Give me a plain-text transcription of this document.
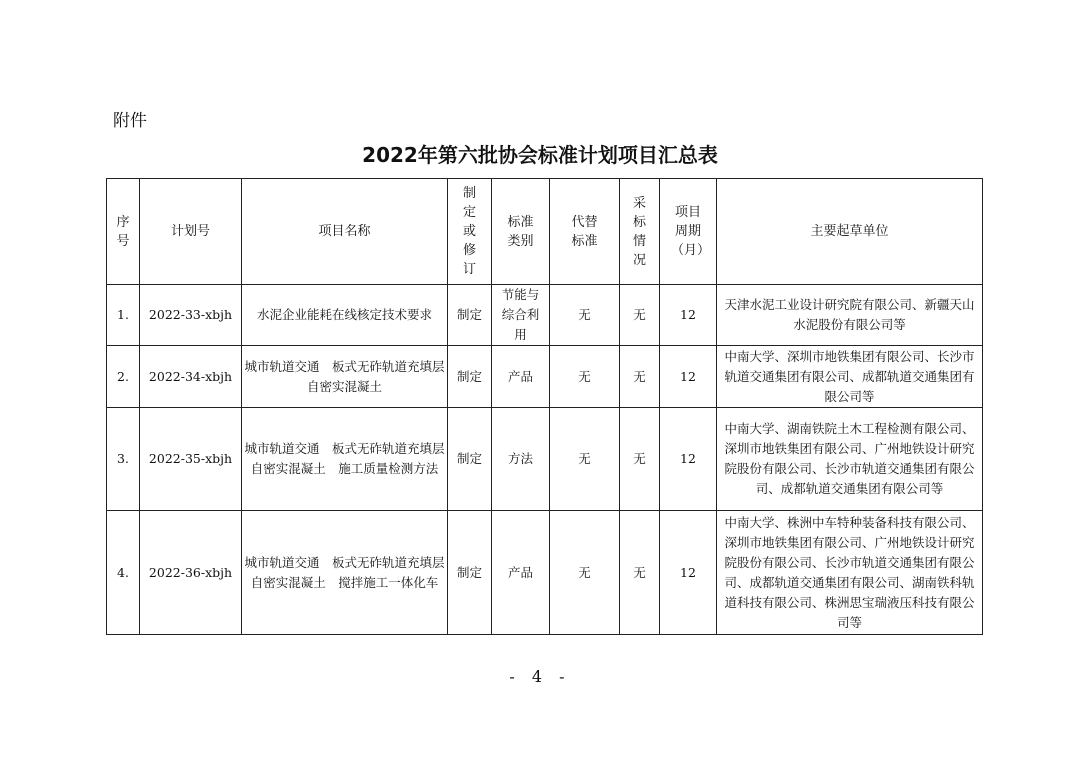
附件
2022年第六批协会标准计划项目汇总表
序号	计划号	项目名称	制定或修订	标准类别	代替标准	采标情况	项目周期（月）	主要起草单位
1.	2022-33-xbjh	水泥企业能耗在线核定技术要求	制定	节能与综合利用	无	无	12	天津水泥工业设计研究院有限公司、新疆天山水泥股份有限公司等
2.	2022-34-xbjh	城市轨道交通　板式无砟轨道充填层自密实混凝土	制定	产品	无	无	12	中南大学、深圳市地铁集团有限公司、长沙市轨道交通集团有限公司、成都轨道交通集团有限公司等
3.	2022-35-xbjh	城市轨道交通　板式无砟轨道充填层自密实混凝土　施工质量检测方法	制定	方法	无	无	12	中南大学、湖南铁院土木工程检测有限公司、深圳市地铁集团有限公司、广州地铁设计研究院股份有限公司、长沙市轨道交通集团有限公司、成都轨道交通集团有限公司等
4.	2022-36-xbjh	城市轨道交通　板式无砟轨道充填层自密实混凝土　搅拌施工一体化车	制定	产品	无	无	12	中南大学、株洲中车特种装备科技有限公司、深圳市地铁集团有限公司、广州地铁设计研究院股份有限公司、长沙市轨道交通集团有限公司、成都轨道交通集团有限公司、湖南铁科轨道科技有限公司、株洲思宝瑞液压科技有限公司等
- 4 -
